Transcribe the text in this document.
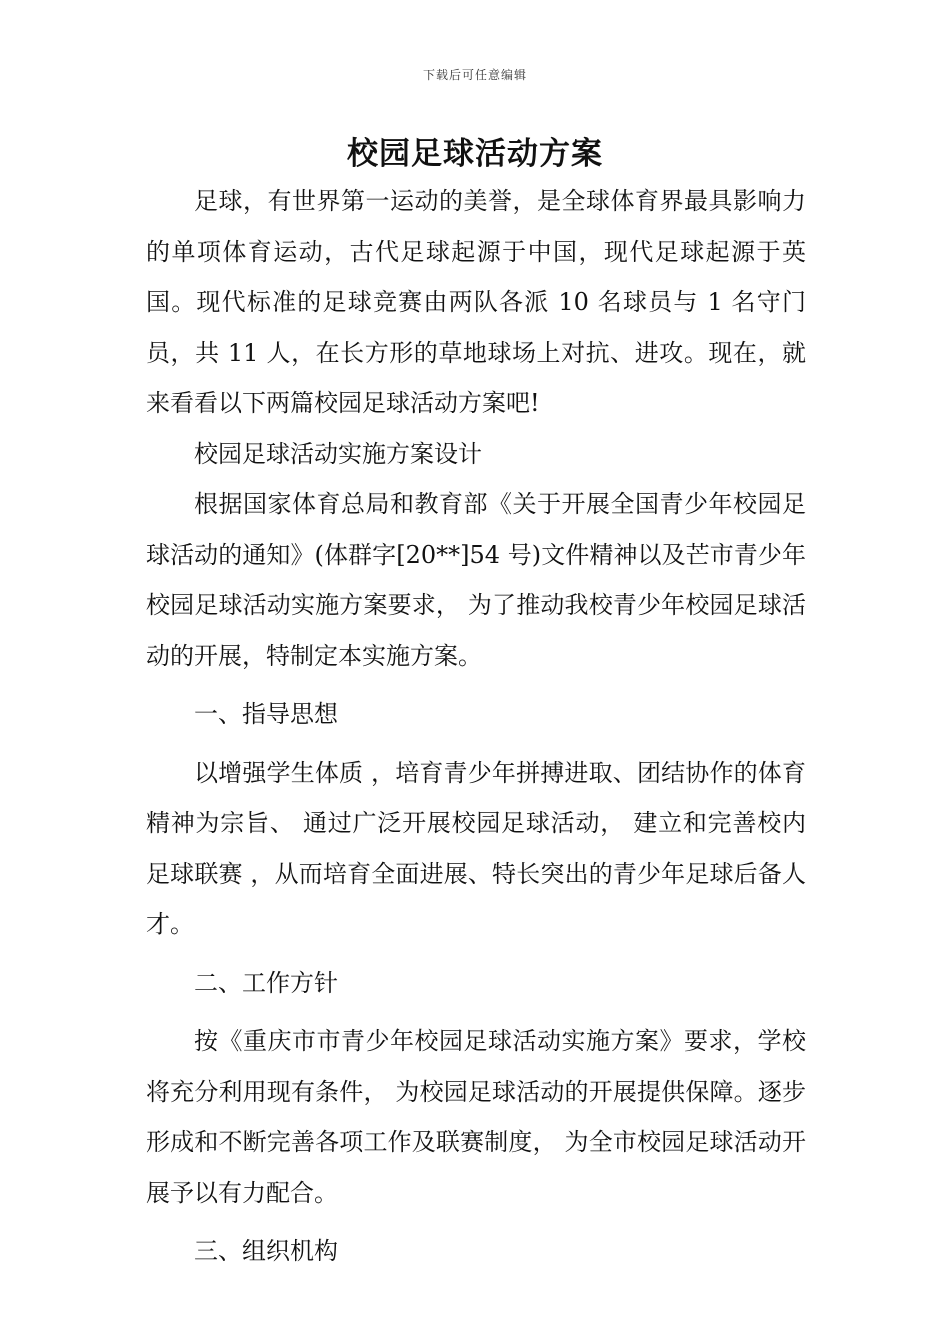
下载后可任意编辑
校园足球活动方案

足球，有世界第一运动的美誉，是全球体育界最具影响力的单项体育运动，古代足球起源于中国，现代足球起源于英国。现代标准的足球竞赛由两队各派 10 名球员与 1 名守门员，共 11 人，在长方形的草地球场上对抗、进攻。现在，就来看看以下两篇校园足球活动方案吧!

校园足球活动实施方案设计

根据国家体育总局和教育部《关于开展全国青少年校园足球活动的通知》(体群字[20**]54 号)文件精神以及芒市青少年校园足球活动实施方案要求， 为了推动我校青少年校园足球活动的开展，特制定本实施方案。

一、指导思想

以增强学生体质 ，培育青少年拼搏进取、团结协作的体育精神为宗旨、 通过广泛开展校园足球活动， 建立和完善校内足球联赛 ，从而培育全面进展、特长突出的青少年足球后备人才。

二、工作方针

按《重庆市市青少年校园足球活动实施方案》要求，学校将充分利用现有条件， 为校园足球活动的开展提供保障。逐步形成和不断完善各项工作及联赛制度， 为全市校园足球活动开展予以有力配合。

三、组织机构
